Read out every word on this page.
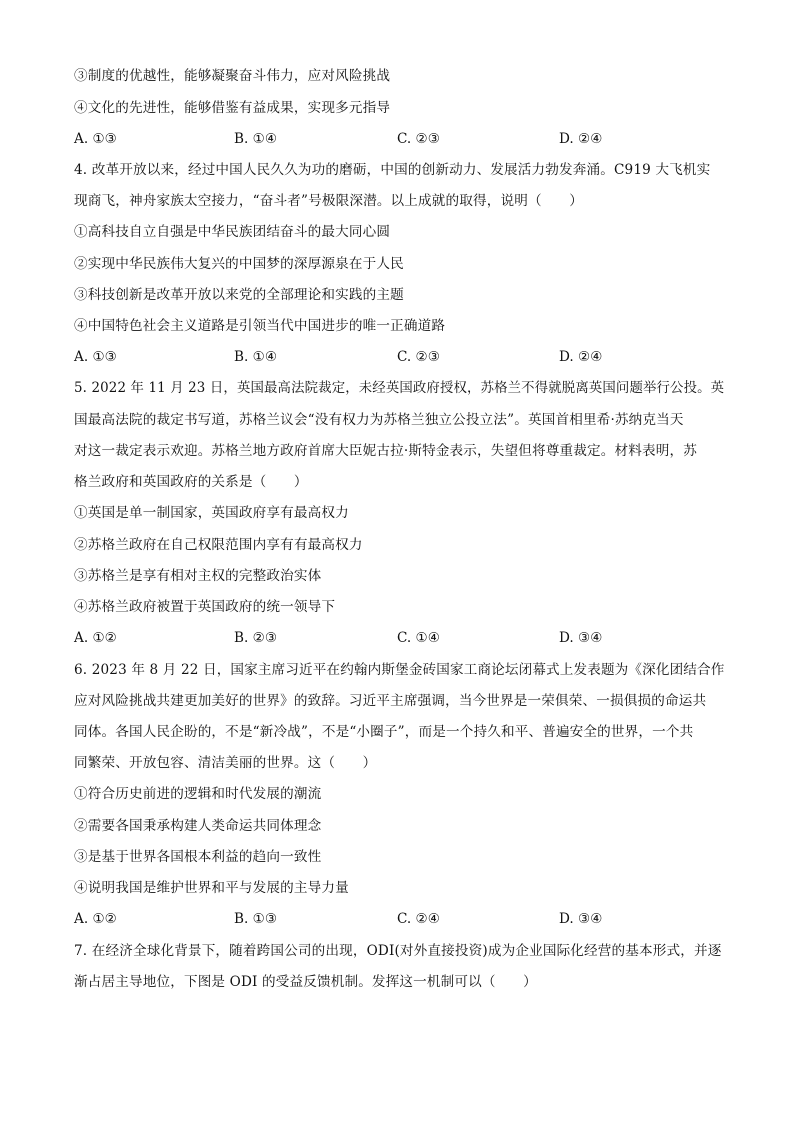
③制度的优越性，能够凝聚奋斗伟力，应对风险挑战
④文化的先进性，能够借鉴有益成果，实现多元指导
A. ①③	B. ①④	C. ②③	D. ②④
4. 改革开放以来，经过中国人民久久为功的磨砺，中国的创新动力、发展活力勃发奔涌。C919 大飞机实
现商飞，神舟家族太空接力，“奋斗者”号极限深潜。以上成就的取得，说明（　　）
①高科技自立自强是中华民族团结奋斗的最大同心圆
②实现中华民族伟大复兴的中国梦的深厚源泉在于人民
③科技创新是改革开放以来党的全部理论和实践的主题
④中国特色社会主义道路是引领当代中国进步的唯一正确道路
A. ①③	B. ①④	C. ②③	D. ②④
5. 2022 年 11 月 23 日，英国最高法院裁定，未经英国政府授权，苏格兰不得就脱离英国问题举行公投。英
国最高法院的裁定书写道，苏格兰议会“没有权力为苏格兰独立公投立法”。英国首相里希·苏纳克当天
对这一裁定表示欢迎。苏格兰地方政府首席大臣妮古拉·斯特金表示，失望但将尊重裁定。材料表明，苏
格兰政府和英国政府的关系是（　　）
①英国是单一制国家，英国政府享有最高权力
②苏格兰政府在自己权限范围内享有有最高权力
③苏格兰是享有相对主权的完整政治实体
④苏格兰政府被置于英国政府的统一领导下
A. ①②	B. ②③	C. ①④	D. ③④
6. 2023 年 8 月 22 日，国家主席习近平在约翰内斯堡金砖国家工商论坛闭幕式上发表题为《深化团结合作
应对风险挑战共建更加美好的世界》的致辞。习近平主席强调，当今世界是一荣俱荣、一损俱损的命运共
同体。各国人民企盼的，不是“新冷战”，不是“小圈子”，而是一个持久和平、普遍安全的世界，一个共
同繁荣、开放包容、清洁美丽的世界。这（　　）
①符合历史前进的逻辑和时代发展的潮流
②需要各国秉承构建人类命运共同体理念
③是基于世界各国根本利益的趋向一致性
④说明我国是维护世界和平与发展的主导力量
A. ①②	B. ①③	C. ②④	D. ③④
7. 在经济全球化背景下，随着跨国公司的出现，ODI(对外直接投资)成为企业国际化经营的基本形式，并逐
渐占居主导地位，下图是 ODI 的受益反馈机制。发挥这一机制可以（　　）
